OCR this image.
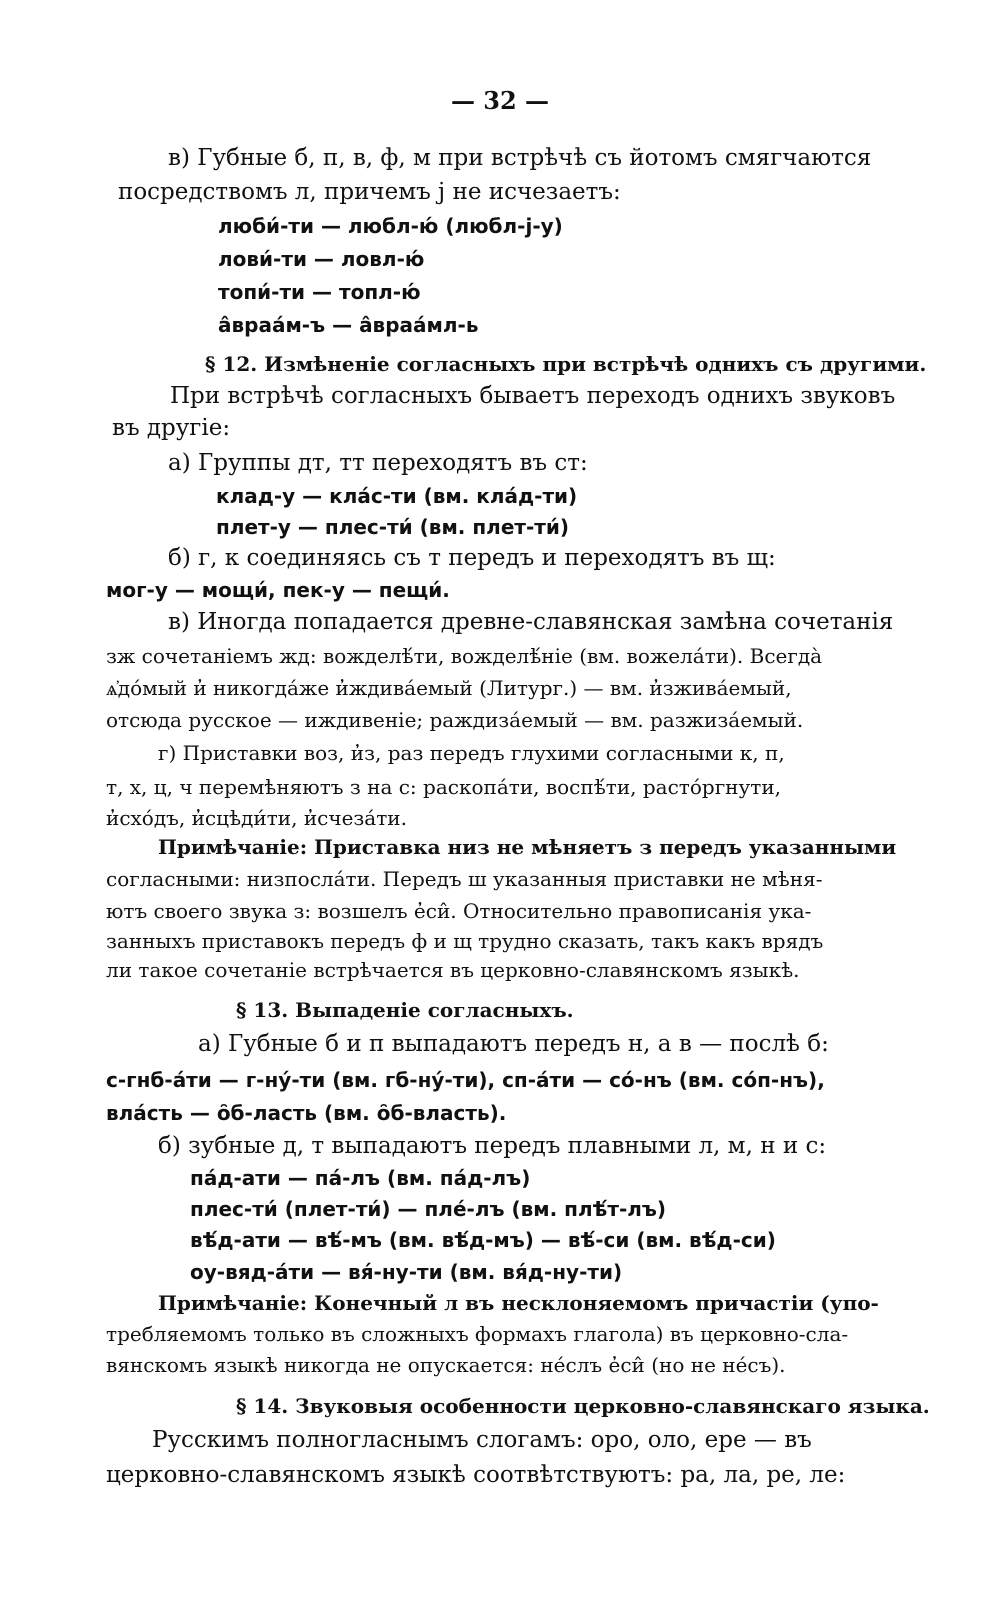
— 32 —
в) Губные б, п, в, ф, м при встрѣчѣ съ йотомъ смягчаются
посредствомъ л, причемъ j не исчезаетъ:
люби́-ти — любл-ю́ (любл-j-у)
лови́-ти — ловл-ю́
топи́-ти — топл-ю́
а̂враа́м-ъ — а̂враа́мл-ь
§ 12. Измѣненіе согласныхъ при встрѣчѣ однихъ съ другими.
При встрѣчѣ согласныхъ бываетъ переходъ однихъ звуковъ
въ другіе:
а) Группы дт, тт переходятъ въ ст:
клад-у — кла́с-ти (вм. кла́д-ти)
плет-у — плес-ти́ (вм. плет-ти́)
б) г, к соединяясь съ т передъ и переходятъ въ щ:
мог-у — мощи́, пек-у — пещи́.
в) Иногда попадается древне-славянская замѣна сочетанія
зж сочетаніемъ жд: вожделѣ́ти, вожделѣ́ніе (вм. вожела́ти). Всегда̀
ѧ̓до́мый и̓ никогда́же и̓ждива́емый (Литург.) — вм. и̓зжива́емый,
отсюда русское — иждивеніе; раждиза́емый — вм. разжиза́емый.
г) Приставки воз, и̓з, раз передъ глухими согласными к, п,
т, х, ц, ч перемѣняютъ з на с: раскопа́ти, воспѣ́ти, расто́ргнути,
и̓схо́дъ, и̓сцѣди́ти, и̓счеза́ти.
Примѣчаніе: Приставка низ не мѣняетъ з передъ указанными
согласными: низпосла́ти. Передъ ш указанныя приставки не мѣня-
ютъ своего звука з: возшелъ е̓си̂. Относительно правописанія ука-
занныхъ приставокъ передъ ф и щ трудно сказать, такъ какъ врядъ
ли такое сочетаніе встрѣчается въ церковно-славянскомъ языкѣ.
§ 13. Выпаденіе согласныхъ.
а) Губные б и п выпадаютъ передъ н, а в — послѣ б:
с-гнб-а́ти — г-ну́-ти (вм. гб-ну́-ти), сп-а́ти — со́-нъ (вм. со́п-нъ),
вла́сть — о̑б-ласть (вм. о̑б-власть).
б) зубные д, т выпадаютъ передъ плавными л, м, н и с:
па́д-ати — па́-лъ (вм. па́д-лъ)
плес-ти́ (плет-ти́) — пле́-лъ (вм. плѣ́т-лъ)
вѣ́д-ати — вѣ́-мъ (вм. вѣ́д-мъ) — вѣ́-си (вм. вѣ́д-си)
оу-вяд-а́ти — вя́-ну-ти (вм. вя́д-ну-ти)
Примѣчаніе: Конечный л въ несклоняемомъ причастіи (упо-
требляемомъ только въ сложныхъ формахъ глагола) въ церковно-сла-
вянскомъ языкѣ никогда не опускается: не́слъ е̓си̂ (но не не́съ).
§ 14. Звуковыя особенности церковно-славянскаго языка.
Русскимъ полногласнымъ слогамъ: оро, оло, ере — въ
церковно-славянскомъ языкѣ соотвѣтствуютъ: ра, ла, ре, ле:
